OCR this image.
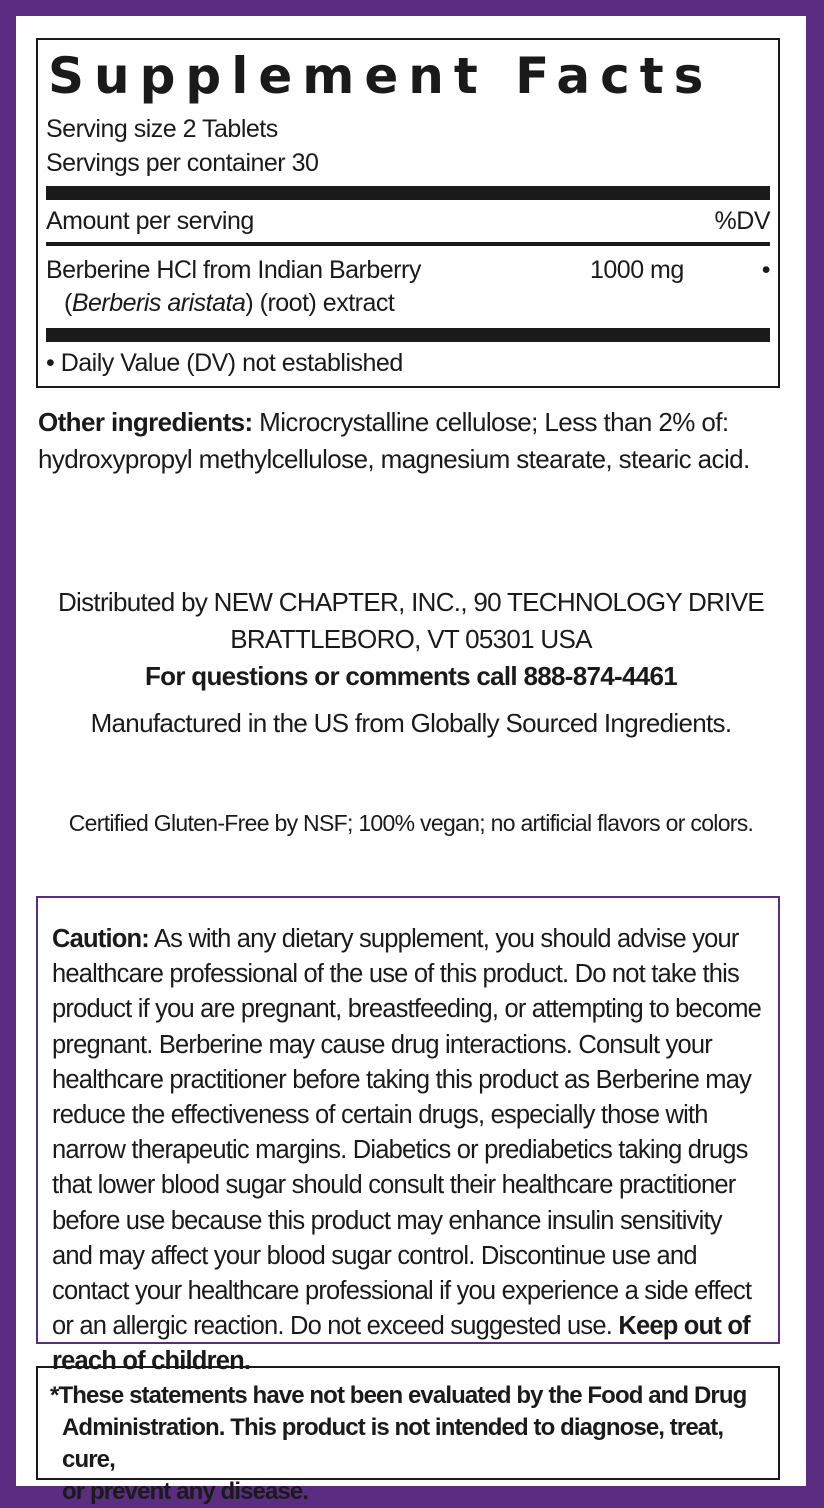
Supplement Facts
Serving size 2 Tablets
Servings per container 30
Amount per serving	%DV
Berberine HCl from Indian Barberry	1000 mg	•
(Berberis aristata) (root) extract
• Daily Value (DV) not established
Other ingredients: Microcrystalline cellulose; Less than 2% of: hydroxypropyl methylcellulose, magnesium stearate, stearic acid.
Distributed by NEW CHAPTER, INC., 90 TECHNOLOGY DRIVE
BRATTLEBORO, VT 05301 USA
For questions or comments call 888-874-4461
Manufactured in the US from Globally Sourced Ingredients.
Certified Gluten-Free by NSF; 100% vegan; no artificial flavors or colors.
Caution: As with any dietary supplement, you should advise your healthcare professional of the use of this product. Do not take this product if you are pregnant, breastfeeding, or attempting to become pregnant. Berberine may cause drug interactions. Consult your healthcare practitioner before taking this product as Berberine may reduce the effectiveness of certain drugs, especially those with narrow therapeutic margins. Diabetics or prediabetics taking drugs that lower blood sugar should consult their healthcare practitioner before use because this product may enhance insulin sensitivity and may affect your blood sugar control. Discontinue use and contact your healthcare professional if you experience a side effect or an allergic reaction. Do not exceed suggested use. Keep out of reach of children.
*These statements have not been evaluated by the Food and Drug
Administration. This product is not intended to diagnose, treat, cure,
or prevent any disease.
